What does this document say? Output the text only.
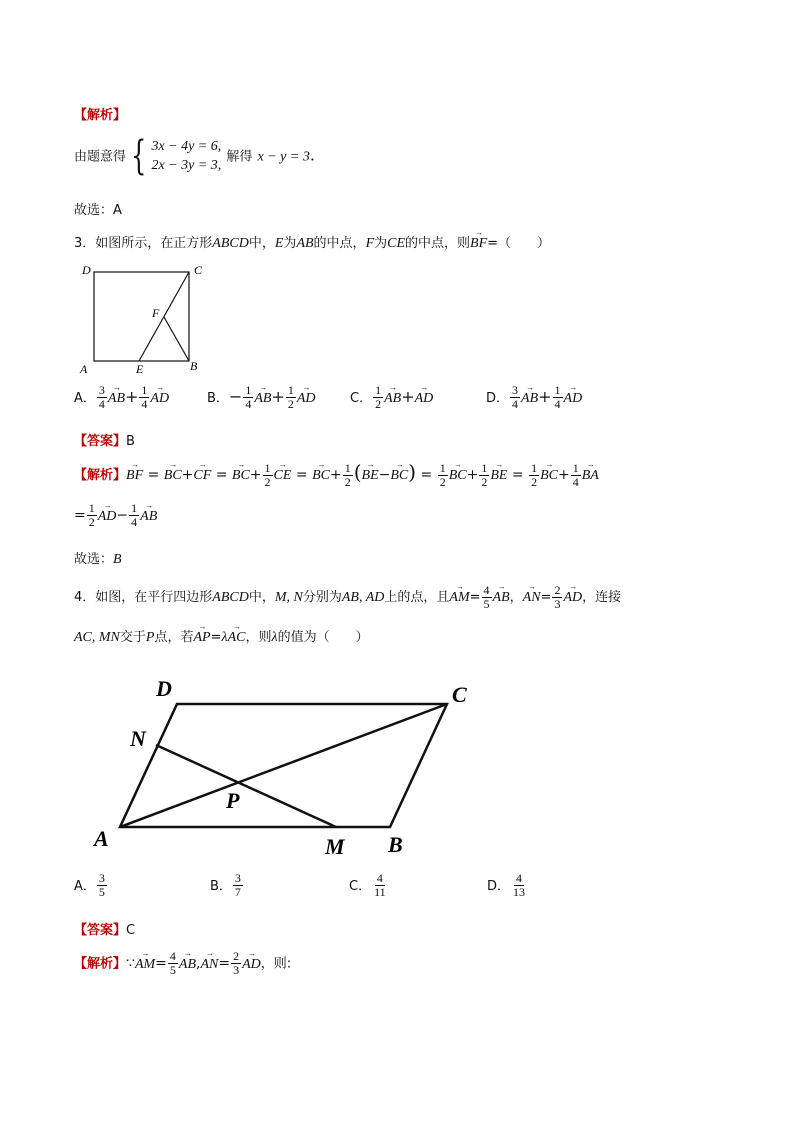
【解析】
由题意得 { 3x − 4y = 6,
2x − 3y = 3,
解得 x − y = 3.
故选：A
3．如图所示，在正方形ABCD中，E为AB的中点，F为CE的中点，则→ BF=（　　）
D	C
F
A	E	B
A． $\frac{3}{4}$
→ $AB+ \frac{1}{4}$
→ AD	B．− $\frac{1}{4}$
→ $AB+ \frac{1}{2}$
→ AD	C． $\frac{1}{2}$
→ AB+→ AD	D． $\frac{3}{4}$
→ $AB+ \frac{1}{4}$
→ AD
【答案】B
【解析】→ BF = → BC+→ CF = → $BC+ \frac{1}{2}$
→ CE = → $BC+ \frac{1}{2}$ (→ $BE-\to BC) = \frac{1}{2}$
→ $BC+ \frac{1}{2}$
→ BE = $\frac{1}{2}$
→ $BC+ \frac{1}{4}$
→ BA
= $\frac{1}{2}$
→ $AD- \frac{1}{4}$
→ AB
故选：B
4．如图，在平行四边形ABCD中，M, N分别为AB, AD上的点，且→ $AM= \frac{4}{5}$
→ AB，→ $AN= \frac{2}{3}$
→ AD，连接
AC, MN交于P点，若→ AP=λ→ AC，则λ的值为（　　）
D	C
N
P
A	M B
A． $\frac{3}{5}$	B． $\frac{3}{7}$	C． $\frac{4}{11}$	D． $\frac{4}{13}$
【答案】C
【解析】∵→ $AM= \frac{4}{5}$
→ $AB,\to AN= \frac{2}{3}$
→ AD，则:
